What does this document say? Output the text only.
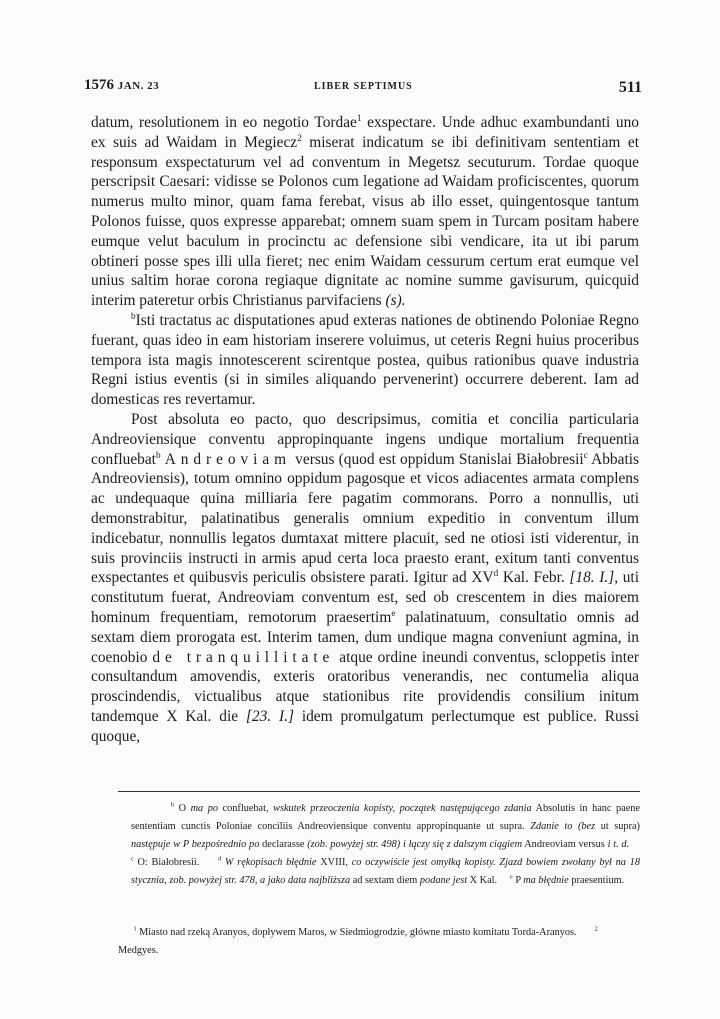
1576 JAN. 23	LIBER SEPTIMUS	511

datum, resolutionem in eo negotio Tordae$^1$ exspectare. Unde adhuc exambundanti uno ex suis ad Waidam in Megiecz$^2$ miserat indicatum se ibi definitivam sententiam et responsum exspectaturum vel ad conventum in Megetsz secuturum. Tordae quoque perscripsit Caesari: vidisse se Polonos cum legatione ad Waidam proficiscentes, quorum numerus multo minor, quam fama ferebat, visus ab illo esset, quingentosque tantum Polonos fuisse, quos expresse apparebat; omnem suam spem in Turcam positam habere eumque velut baculum in procinctu ac defensione sibi vendicare, ita ut ibi parum obtineri posse spes illi ulla fieret; nec enim Waidam cessurum certum erat eumque vel unius saltim horae corona regiaque dignitate ac nomine summe gavisurum, quicquid interim pateretur orbis Christianus parvifaciens (s).

$^b$Isti tractatus ac disputationes apud exteras nationes de obtinendo Poloniae Regno fuerant, quas ideo in eam historiam inserere voluimus, ut ceteris Regni huius proceribus tempora ista magis innotescerent scirentque postea, quibus rationibus quave industria Regni istius eventis (si in similes aliquando pervenerint) occurrere deberent. Iam ad domesticas res revertamur.

Post absoluta eo pacto, quo descripsimus, comitia et concilia particularia Andreoviensique conventu appropinquante ingens undique mortalium frequentia confluebat$^b$ Andreoviam versus (quod est oppidum Stanislai Białobresii$^c$ Abbatis Andreoviensis), totum omnino oppidum pagosque et vicos adiacentes armata complens ac undequaque quina milliaria fere pagatim commorans. Porro a nonnullis, uti demonstrabitur, palatinatibus generalis omnium expeditio in conventum illum indicebatur, nonnullis legatos dumtaxat mittere placuit, sed ne otiosi isti viderentur, in suis provinciis instructi in armis apud certa loca praesto erant, exitum tanti conventus exspectantes et quibusvis periculis obsistere parati. Igitur ad $XV^d$ Kal. Febr. [18. I.], uti constitutum fuerat, Andreoviam conventum est, sed ob crescentem in dies maiorem hominum frequentiam, remotorum praesertim$^e$ palatinatuum, consultatio omnis ad sextam diem prorogata est. Interim tamen, dum undique magna conveniunt agmina, in coenobio de tranquillitate atque ordine ineundi conventus, scloppetis inter consultandum amovendis, exteris oratoribus venerandis, nec contumelia aliqua proscindendis, victualibus atque stationibus rite providendis consilium initum tandemque X Kal. die [23. I.] idem promulgatum perlectumque est publice. Russi quoque,

$^b$ O ma po confluebat, wskutek przeoczenia kopisty, początek następującego zdania Absolutis in hanc paene sententiam cunctis Poloniae conciliis Andreoviensique conventu appropinquante ut supra. Zdanie to (bez ut supra) następuje w P bezpośrednio po declarasse (zob. powyżej str. 498) i łączy się z dalszym ciągiem Andreoviam versus i t. d.     $^c$ O: Białobresii.	$^d$ W rękopisach błędnie XVIII, co oczywiście jest omyłką kopisty. Zjazd bowiem zwołany był na 18 stycznia, zob. powyżej str. 478, a jako data najbliższa ad sextam diem podane jest X Kal. $^e$ P ma błędnie praesentium.

$^1$ Miasto nad rzeką Aranyos, dopływem Maros, w Siedmiogrodzie, główne miasto komitatu Torda-Aranyos.	$^2$ Medgyes.
